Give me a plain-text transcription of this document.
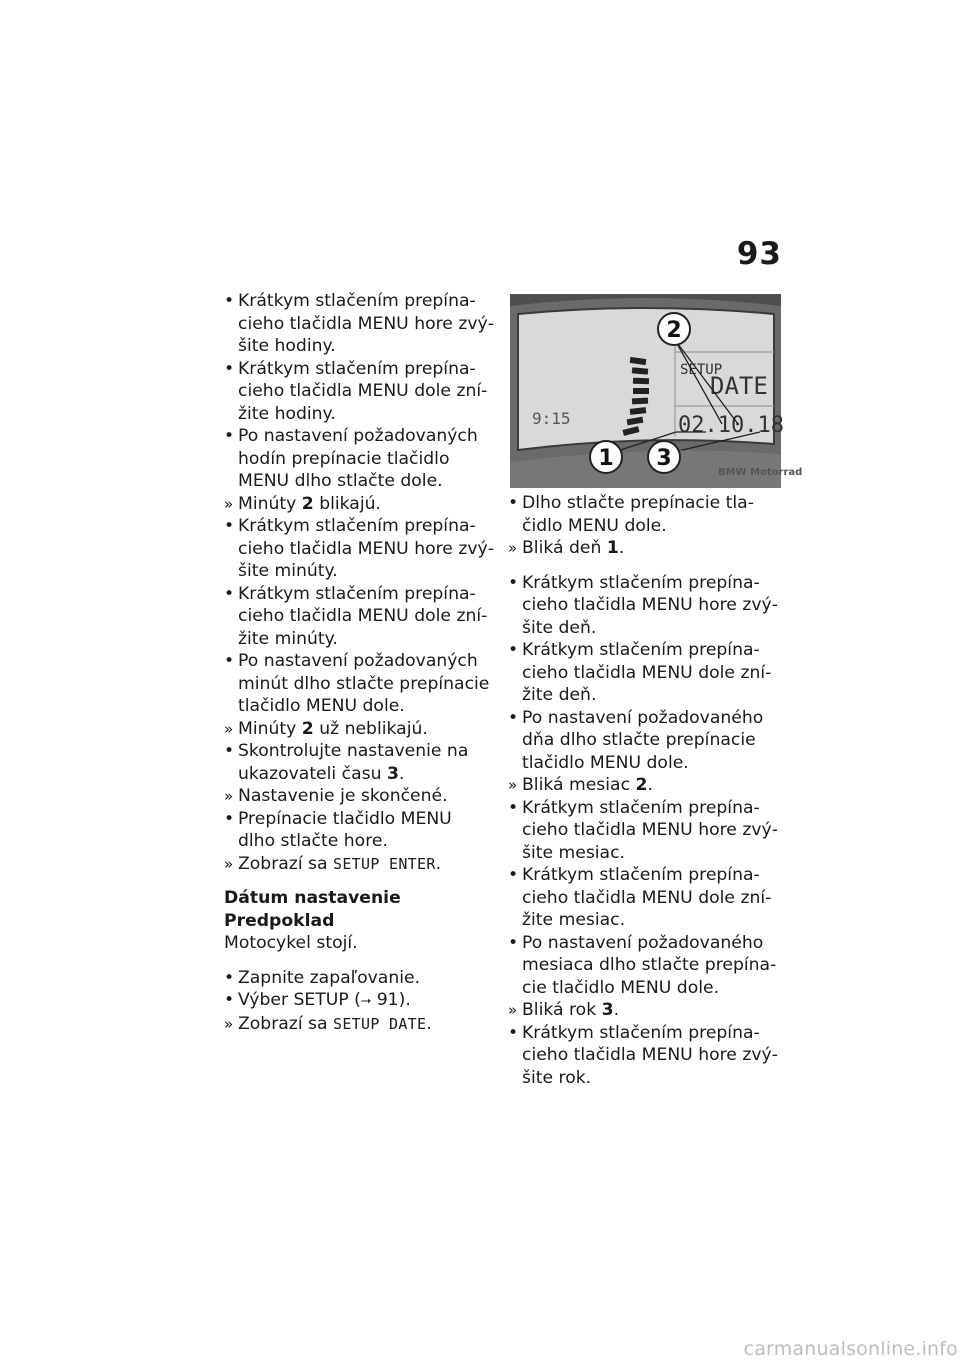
93

•
Krátkym stlačením prepínacieho tlačidla MENU hore zvýšite hodiny.

•
Krátkym stlačením prepínacieho tlačidla MENU dole znížite hodiny.

•
Po nastavení požadovaných hodín prepínacie tlačidlo MENU dlho stlačte dole.

»
Minúty 2 blikajú.

•
Krátkym stlačením prepínacieho tlačidla MENU hore zvýšite minúty.

•
Krátkym stlačením prepínacieho tlačidla MENU dole znížite minúty.

•
Po nastavení požadovaných minút dlho stlačte prepínacie tlačidlo MENU dole.

»
Minúty 2 už neblikajú.

•
Skontrolujte nastavenie na ukazovateli času 3.

»
Nastavenie je skončené.

•
Prepínacie tlačidlo MENU dlho stlačte hore.

»
Zobrazí sa SETUP ENTER.

Dátum nastavenie

Predpoklad

Motocykel stojí.

•
Zapnite zapaľovanie.

•
Výber SETUP (⭢ 91).

»
Zobrazí sa SETUP DATE.

SETUP
DATE
02.10.18
9:15
BMW Motorrad
2
1 3

•
Dlho stlačte prepínacie tlačidlo MENU dole.

»
Bliká deň 1.

•
Krátkym stlačením prepínacieho tlačidla MENU hore zvýšite deň.

•
Krátkym stlačením prepínacieho tlačidla MENU dole znížite deň.

•
Po nastavení požadovaného dňa dlho stlačte prepínacie tlačidlo MENU dole.

»
Bliká mesiac 2.

•
Krátkym stlačením prepínacieho tlačidla MENU hore zvýšite mesiac.

•
Krátkym stlačením prepínacieho tlačidla MENU dole znížite mesiac.

•
Po nastavení požadovaného mesiaca dlho stlačte prepínacie tlačidlo MENU dole.

»
Bliká rok 3.

•
Krátkym stlačením prepínacieho tlačidla MENU hore zvýšite rok.

carmanualsonline.info
